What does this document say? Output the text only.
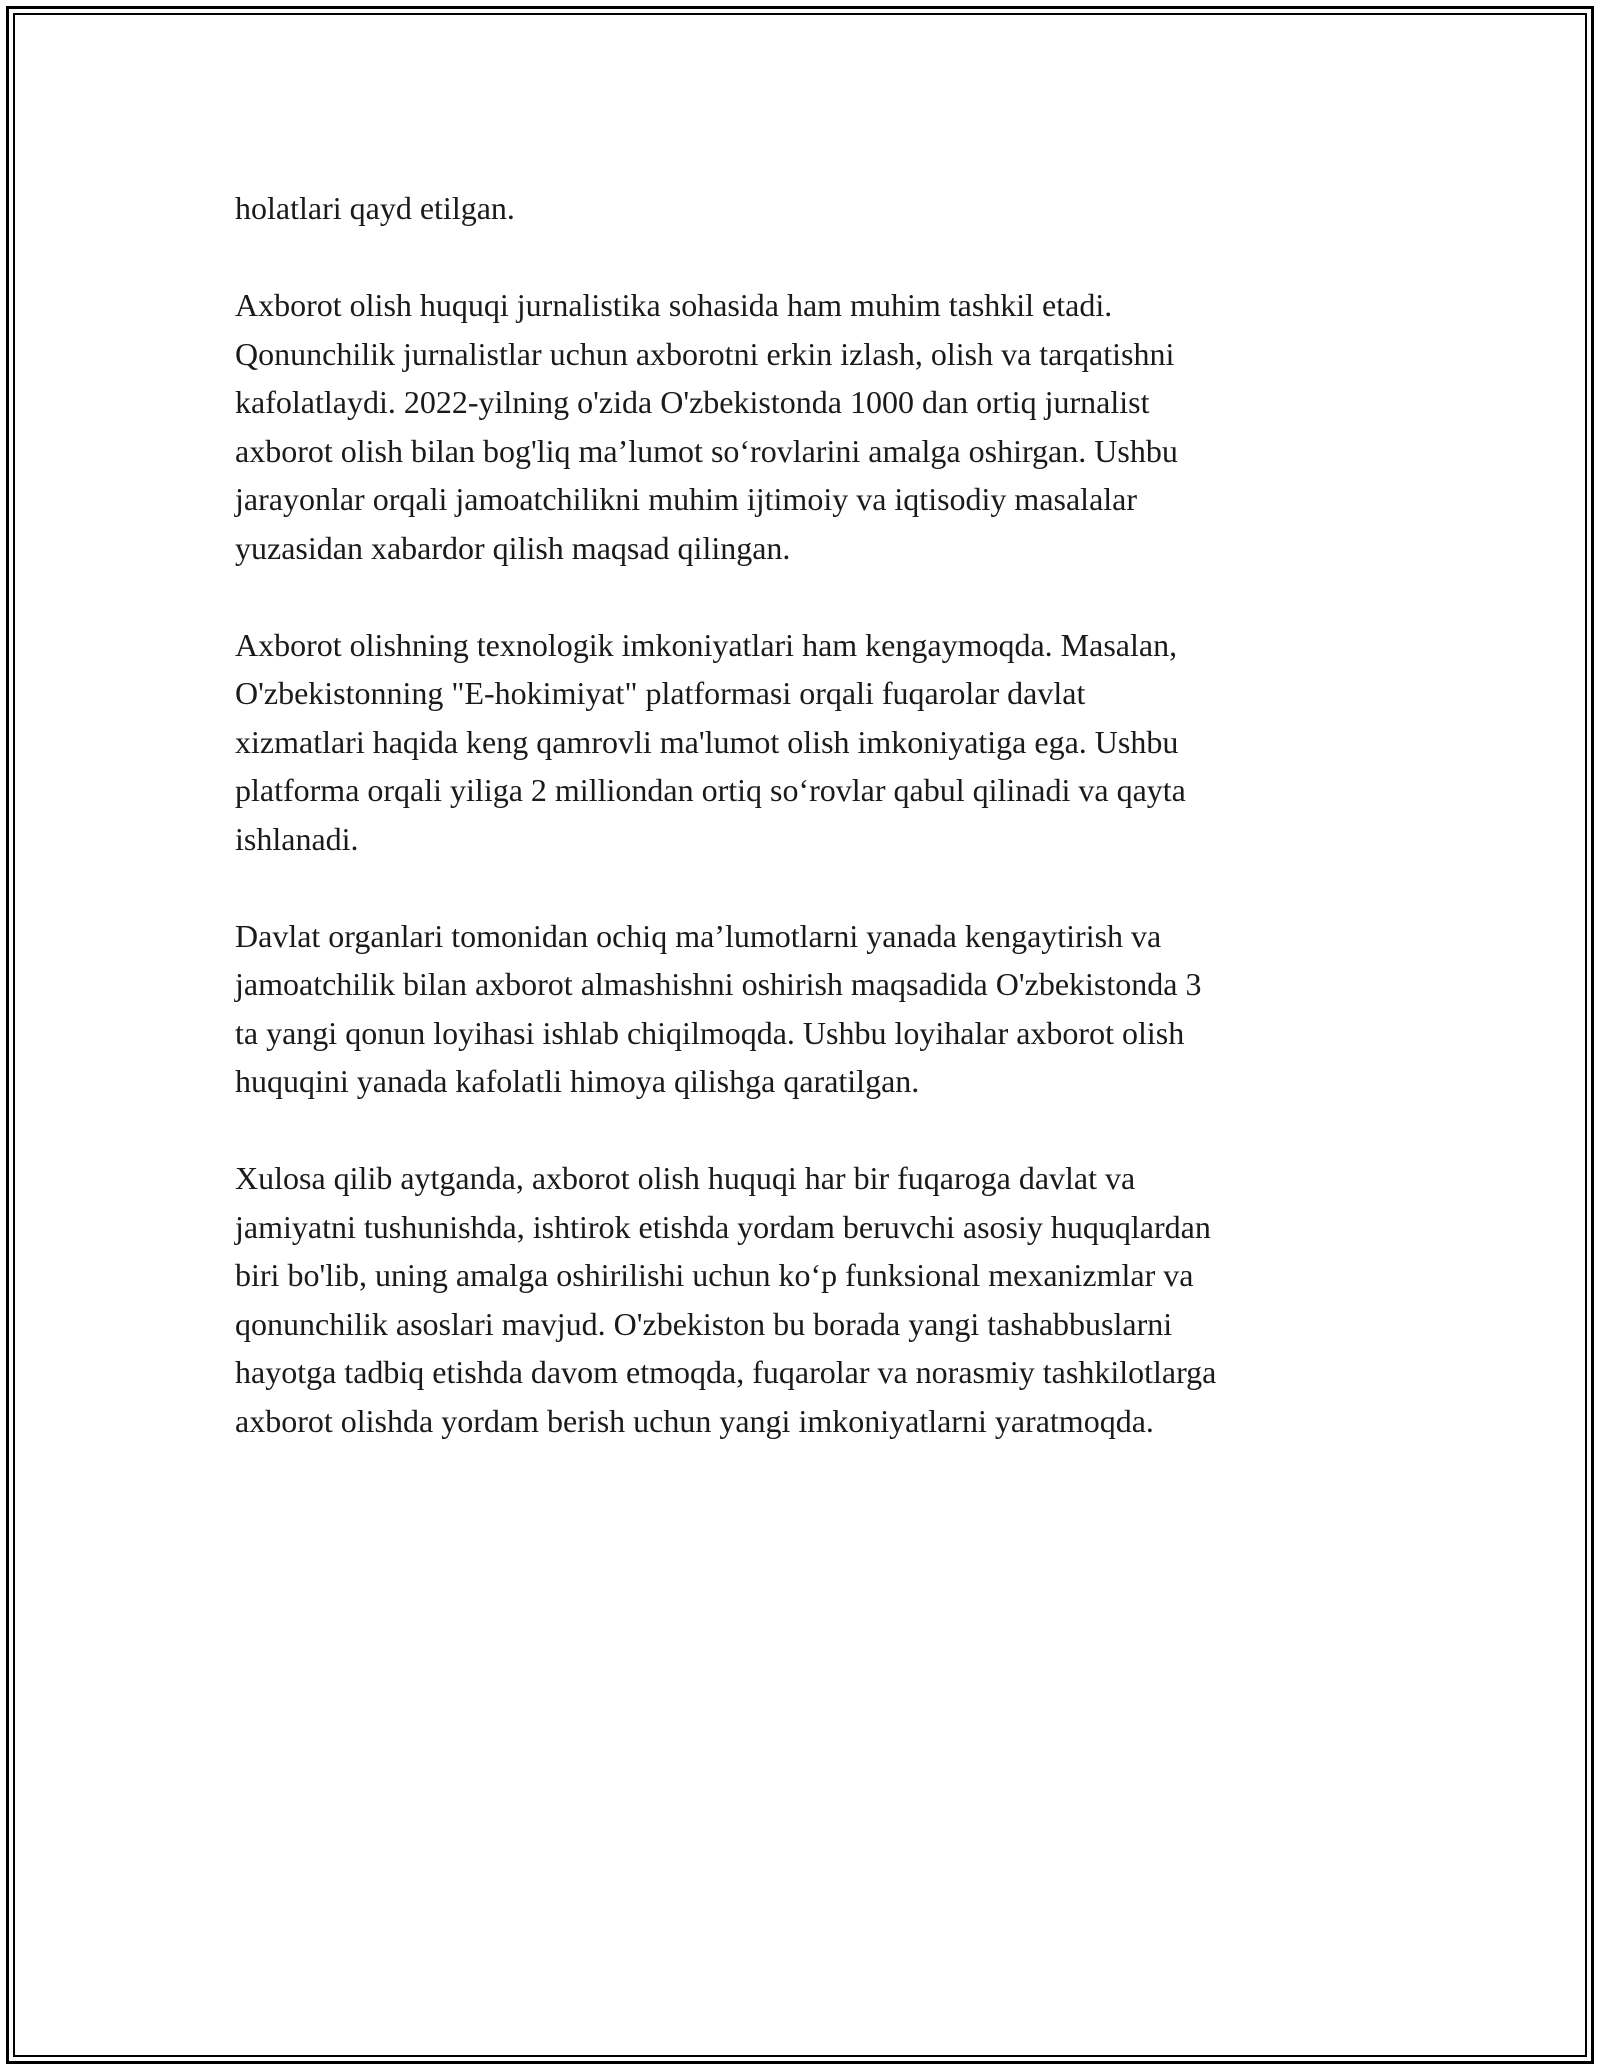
holatlari qayd etilgan.

Axborot olish huquqi jurnalistika sohasida ham muhim tashkil etadi.
Qonunchilik jurnalistlar uchun axborotni erkin izlash, olish va tarqatishni
kafolatlaydi. 2022-yilning o'zida O'zbekistonda 1000 dan ortiq jurnalist
axborot olish bilan bog'liq ma’lumot so‘rovlarini amalga oshirgan. Ushbu
jarayonlar orqali jamoatchilikni muhim ijtimoiy va iqtisodiy masalalar
yuzasidan xabardor qilish maqsad qilingan.

Axborot olishning texnologik imkoniyatlari ham kengaymoqda. Masalan,
O'zbekistonning "E-hokimiyat" platformasi orqali fuqarolar davlat
xizmatlari haqida keng qamrovli ma'lumot olish imkoniyatiga ega. Ushbu
platforma orqali yiliga 2 milliondan ortiq so‘rovlar qabul qilinadi va qayta
ishlanadi.

Davlat organlari tomonidan ochiq ma’lumotlarni yanada kengaytirish va
jamoatchilik bilan axborot almashishni oshirish maqsadida O'zbekistonda 3
ta yangi qonun loyihasi ishlab chiqilmoqda. Ushbu loyihalar axborot olish
huquqini yanada kafolatli himoya qilishga qaratilgan.

Xulosa qilib aytganda, axborot olish huquqi har bir fuqaroga davlat va
jamiyatni tushunishda, ishtirok etishda yordam beruvchi asosiy huquqlardan
biri bo'lib, uning amalga oshirilishi uchun ko‘p funksional mexanizmlar va
qonunchilik asoslari mavjud. O'zbekiston bu borada yangi tashabbuslarni
hayotga tadbiq etishda davom etmoqda, fuqarolar va norasmiy tashkilotlarga
axborot olishda yordam berish uchun yangi imkoniyatlarni yaratmoqda.
